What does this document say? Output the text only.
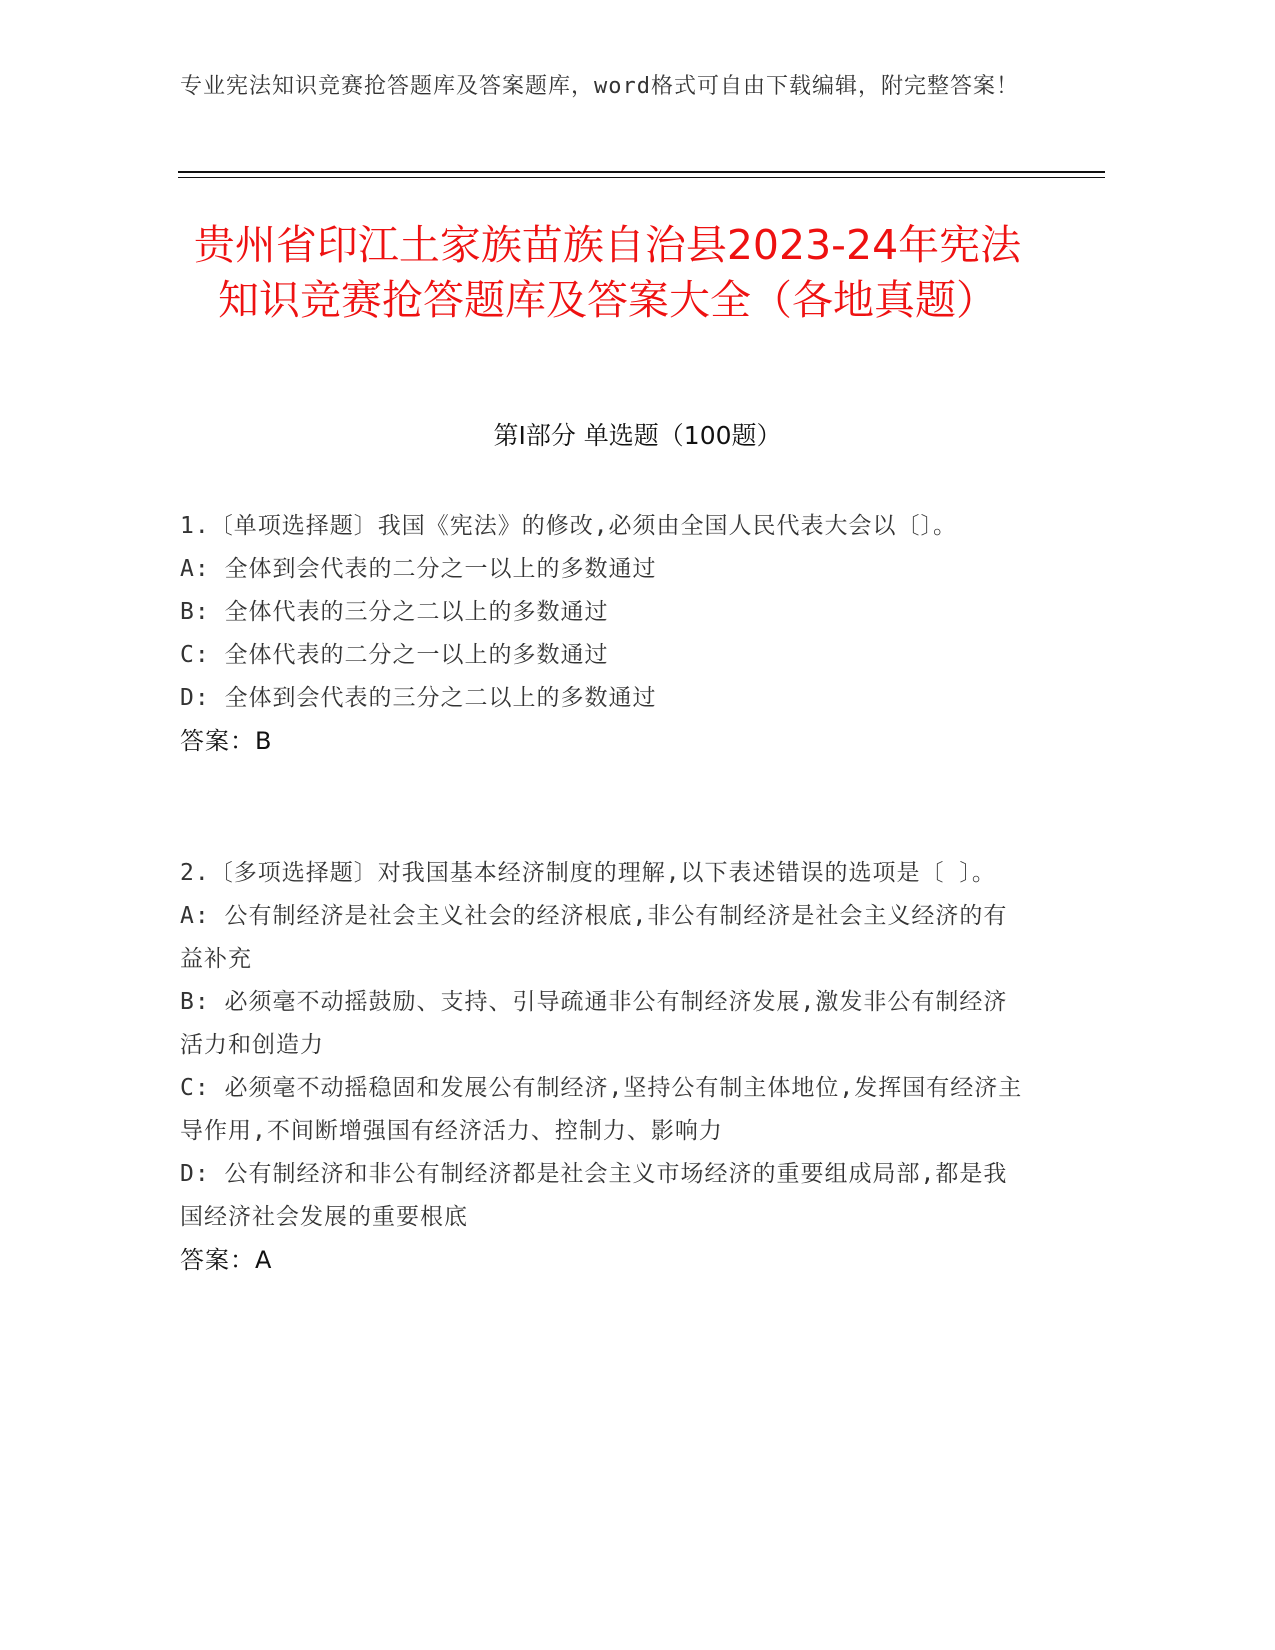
专业宪法知识竞赛抢答题库及答案题库，word格式可自由下载编辑，附完整答案！
贵州省印江土家族苗族自治县2023-24年宪法知识竞赛抢答题库及答案大全（各地真题）
第Ⅰ部分 单选题（100题）
1.〔单项选择题〕我国《宪法》的修改,必须由全国人民代表大会以〔〕。
A: 全体到会代表的二分之一以上的多数通过
B: 全体代表的三分之二以上的多数通过
C: 全体代表的二分之一以上的多数通过
D: 全体到会代表的三分之二以上的多数通过
答案：B
2.〔多项选择题〕对我国基本经济制度的理解,以下表述错误的选项是〔 〕。
A: 公有制经济是社会主义社会的经济根底,非公有制经济是社会主义经济的有益补充
B: 必须毫不动摇鼓励、支持、引导疏通非公有制经济发展,激发非公有制经济活力和创造力
C: 必须毫不动摇稳固和发展公有制经济,坚持公有制主体地位,发挥国有经济主导作用,不间断增强国有经济活力、控制力、影响力
D: 公有制经济和非公有制经济都是社会主义市场经济的重要组成局部,都是我国经济社会发展的重要根底
答案：A
